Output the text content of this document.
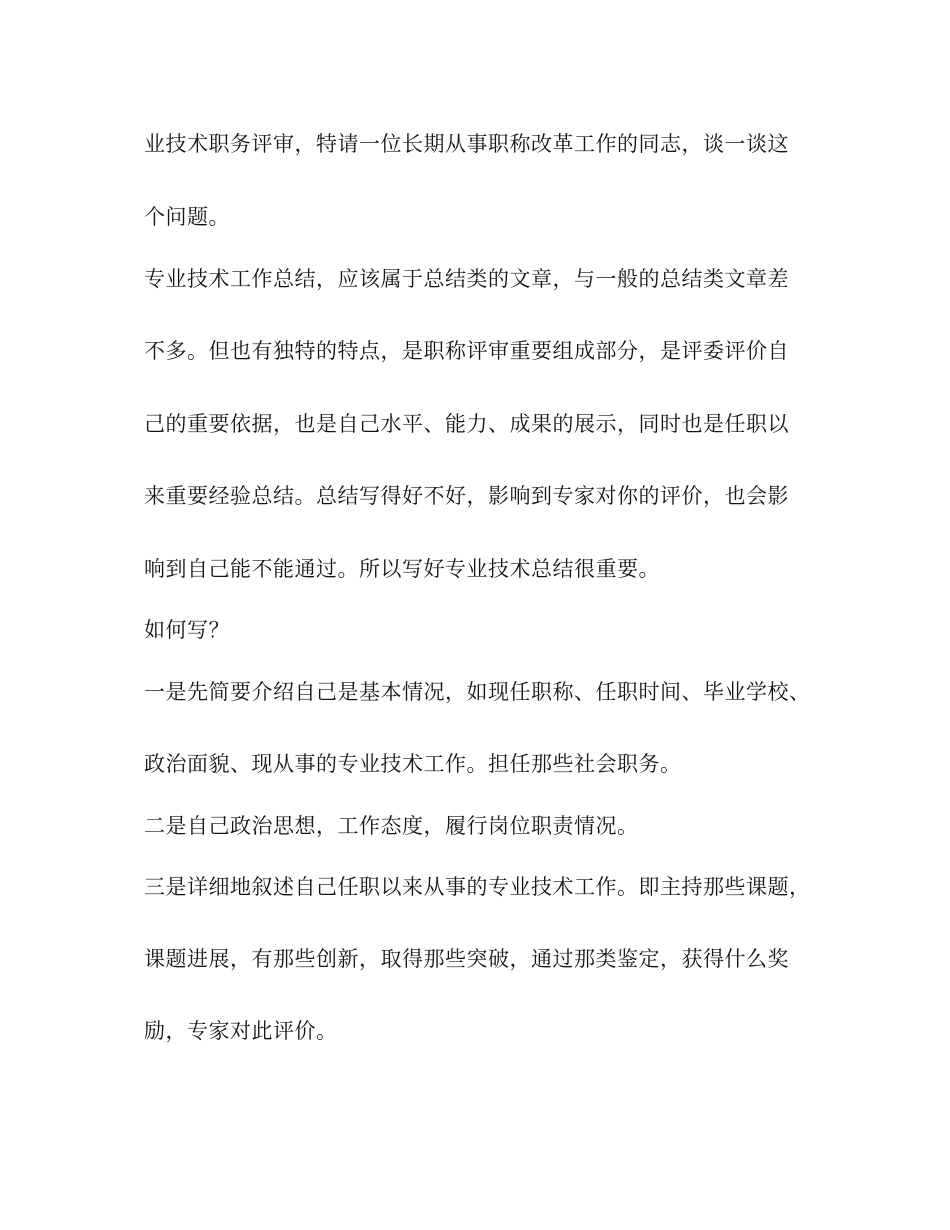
业技术职务评审，特请一位长期从事职称改革工作的同志，谈一谈这

个问题。

专业技术工作总结，应该属于总结类的文章，与一般的总结类文章差

不多。但也有独特的特点，是职称评审重要组成部分，是评委评价自

己的重要依据，也是自己水平、能力、成果的展示，同时也是任职以

来重要经验总结。总结写得好不好，影响到专家对你的评价，也会影

响到自己能不能通过。所以写好专业技术总结很重要。

如何写？

一是先简要介绍自己是基本情况，如现任职称、任职时间、毕业学校、

政治面貌、现从事的专业技术工作。担任那些社会职务。

二是自己政治思想，工作态度，履行岗位职责情况。

三是详细地叙述自己任职以来从事的专业技术工作。即主持那些课题，

课题进展，有那些创新，取得那些突破，通过那类鉴定，获得什么奖

励，专家对此评价。
